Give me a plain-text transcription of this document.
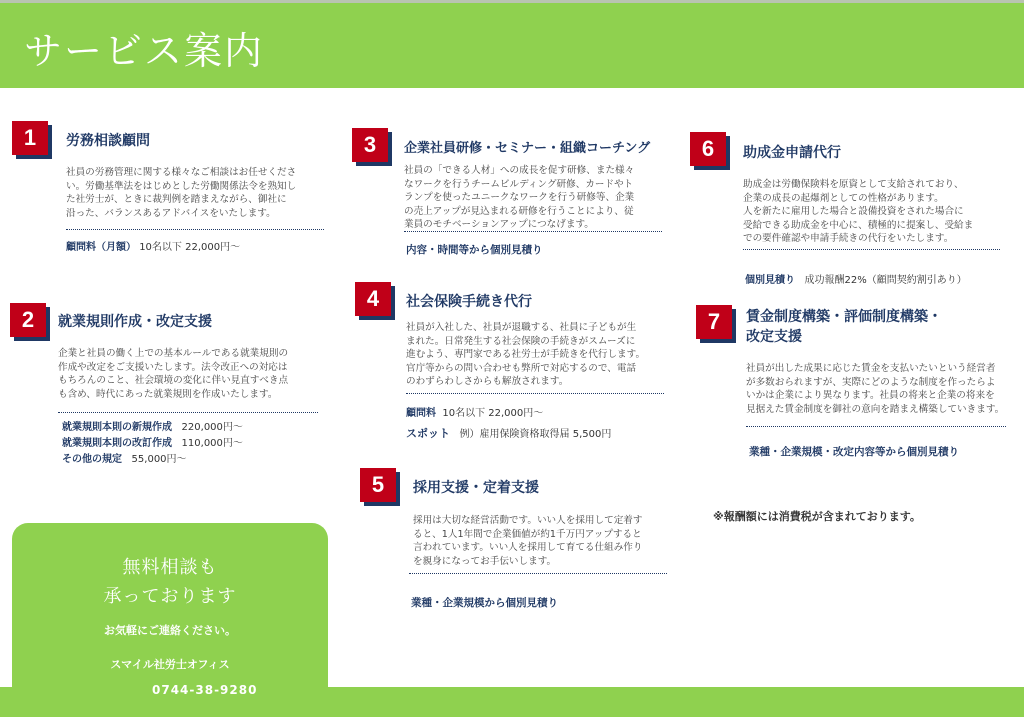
サービス案内
1	労務相談顧問
社員の労務管理に関する様々なご相談はお任せくださ
い。労働基準法をはじめとした労働関係法令を熟知し
た社労士が、ときに裁判例を踏まえながら、御社に
沿った、バランスあるアドバイスをいたします。
顧問料（月額） 10名以下 22,000円～
2	就業規則作成・改定支援
企業と社員の働く上での基本ルールである就業規則の
作成や改定をご支援いたします。法令改正への対応は
もちろんのこと、社会環境の変化に伴い見直すべき点
も含め、時代にあった就業規則を作成いたします。
就業規則本則の新規作成 220,000円～
就業規則本則の改訂作成 110,000円～
その他の規定 55,000円～
3	企業社員研修・セミナー・組織コーチング
社員の「できる人材」への成長を促す研修、また様々
なワークを行うチームビルディング研修、カードやト
ランプを使ったユニークなワークを行う研修等、企業
の売上アップが見込まれる研修を行うことにより、従
業員のモチベーションアップにつなげます。
内容・時間等から個別見積り
4	社会保険手続き代行
社員が入社した、社員が退職する、社員に子どもが生
まれた。日常発生する社会保険の手続きがスムーズに
進むよう、専門家である社労士が手続きを代行します。
官庁等からの問い合わせも弊所で対応するので、電話
のわずらわしさからも解放されます。
顧問料 10名以下 22,000円～
スポット 例）雇用保険資格取得届 5,500円
5	採用支援・定着支援
採用は大切な経営活動です。いい人を採用して定着す
ると、1人1年間で企業価値が約1千万円アップすると
言われています。いい人を採用して育てる仕組み作り
を親身になってお手伝いします。
業種・企業規模から個別見積り
6	助成金申請代行
助成金は労働保険料を原資として支給されており、
企業の成長の起爆剤としての性格があります。
人を新たに雇用した場合と設備投資をされた場合に
受給できる助成金を中心に、積極的に提案し、受給ま
での要件確認や申請手続きの代行をいたします。
個別見積り 成功報酬22%（顧問契約割引あり）
7	賃金制度構築・評価制度構築・
改定支援
社員が出した成果に応じた賃金を支払いたいという経営者
が多数おられますが、実際にどのような制度を作ったらよ
いかは企業により異なります。社員の将来と企業の将来を
見据えた賃金制度を御社の意向を踏まえ構築していきます。
業種・企業規模・改定内容等から個別見積り
※報酬額には消費税が含まれております。
無料相談も
承っております
お気軽にご連絡ください。
スマイル社労士オフィス
0744-38-9280
